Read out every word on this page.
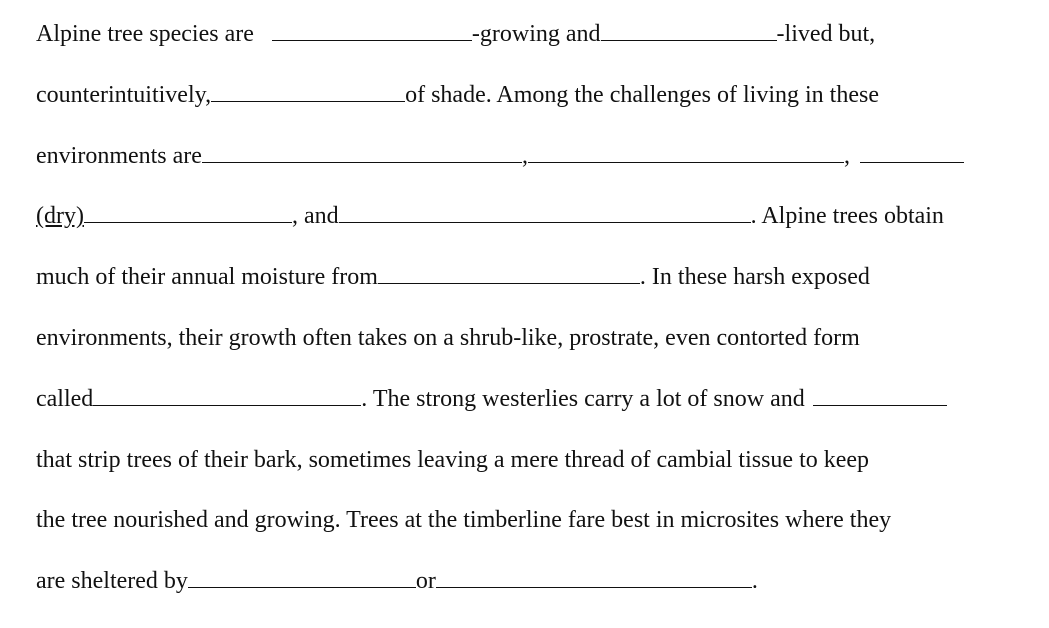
Alpine tree species are	-growing and	-lived but,
counterintuitively,	of shade. Among the challenges of living in these
environments are	,	,
(dry)	, and	. Alpine trees obtain
much of their annual moisture from	. In these harsh exposed
environments, their growth often takes on a shrub-like, prostrate, even contorted form
called	. The strong westerlies carry a lot of snow and
that strip trees of their bark, sometimes leaving a mere thread of cambial tissue to keep
the tree nourished and growing. Trees at the timberline fare best in microsites where they
are sheltered by	or	.
